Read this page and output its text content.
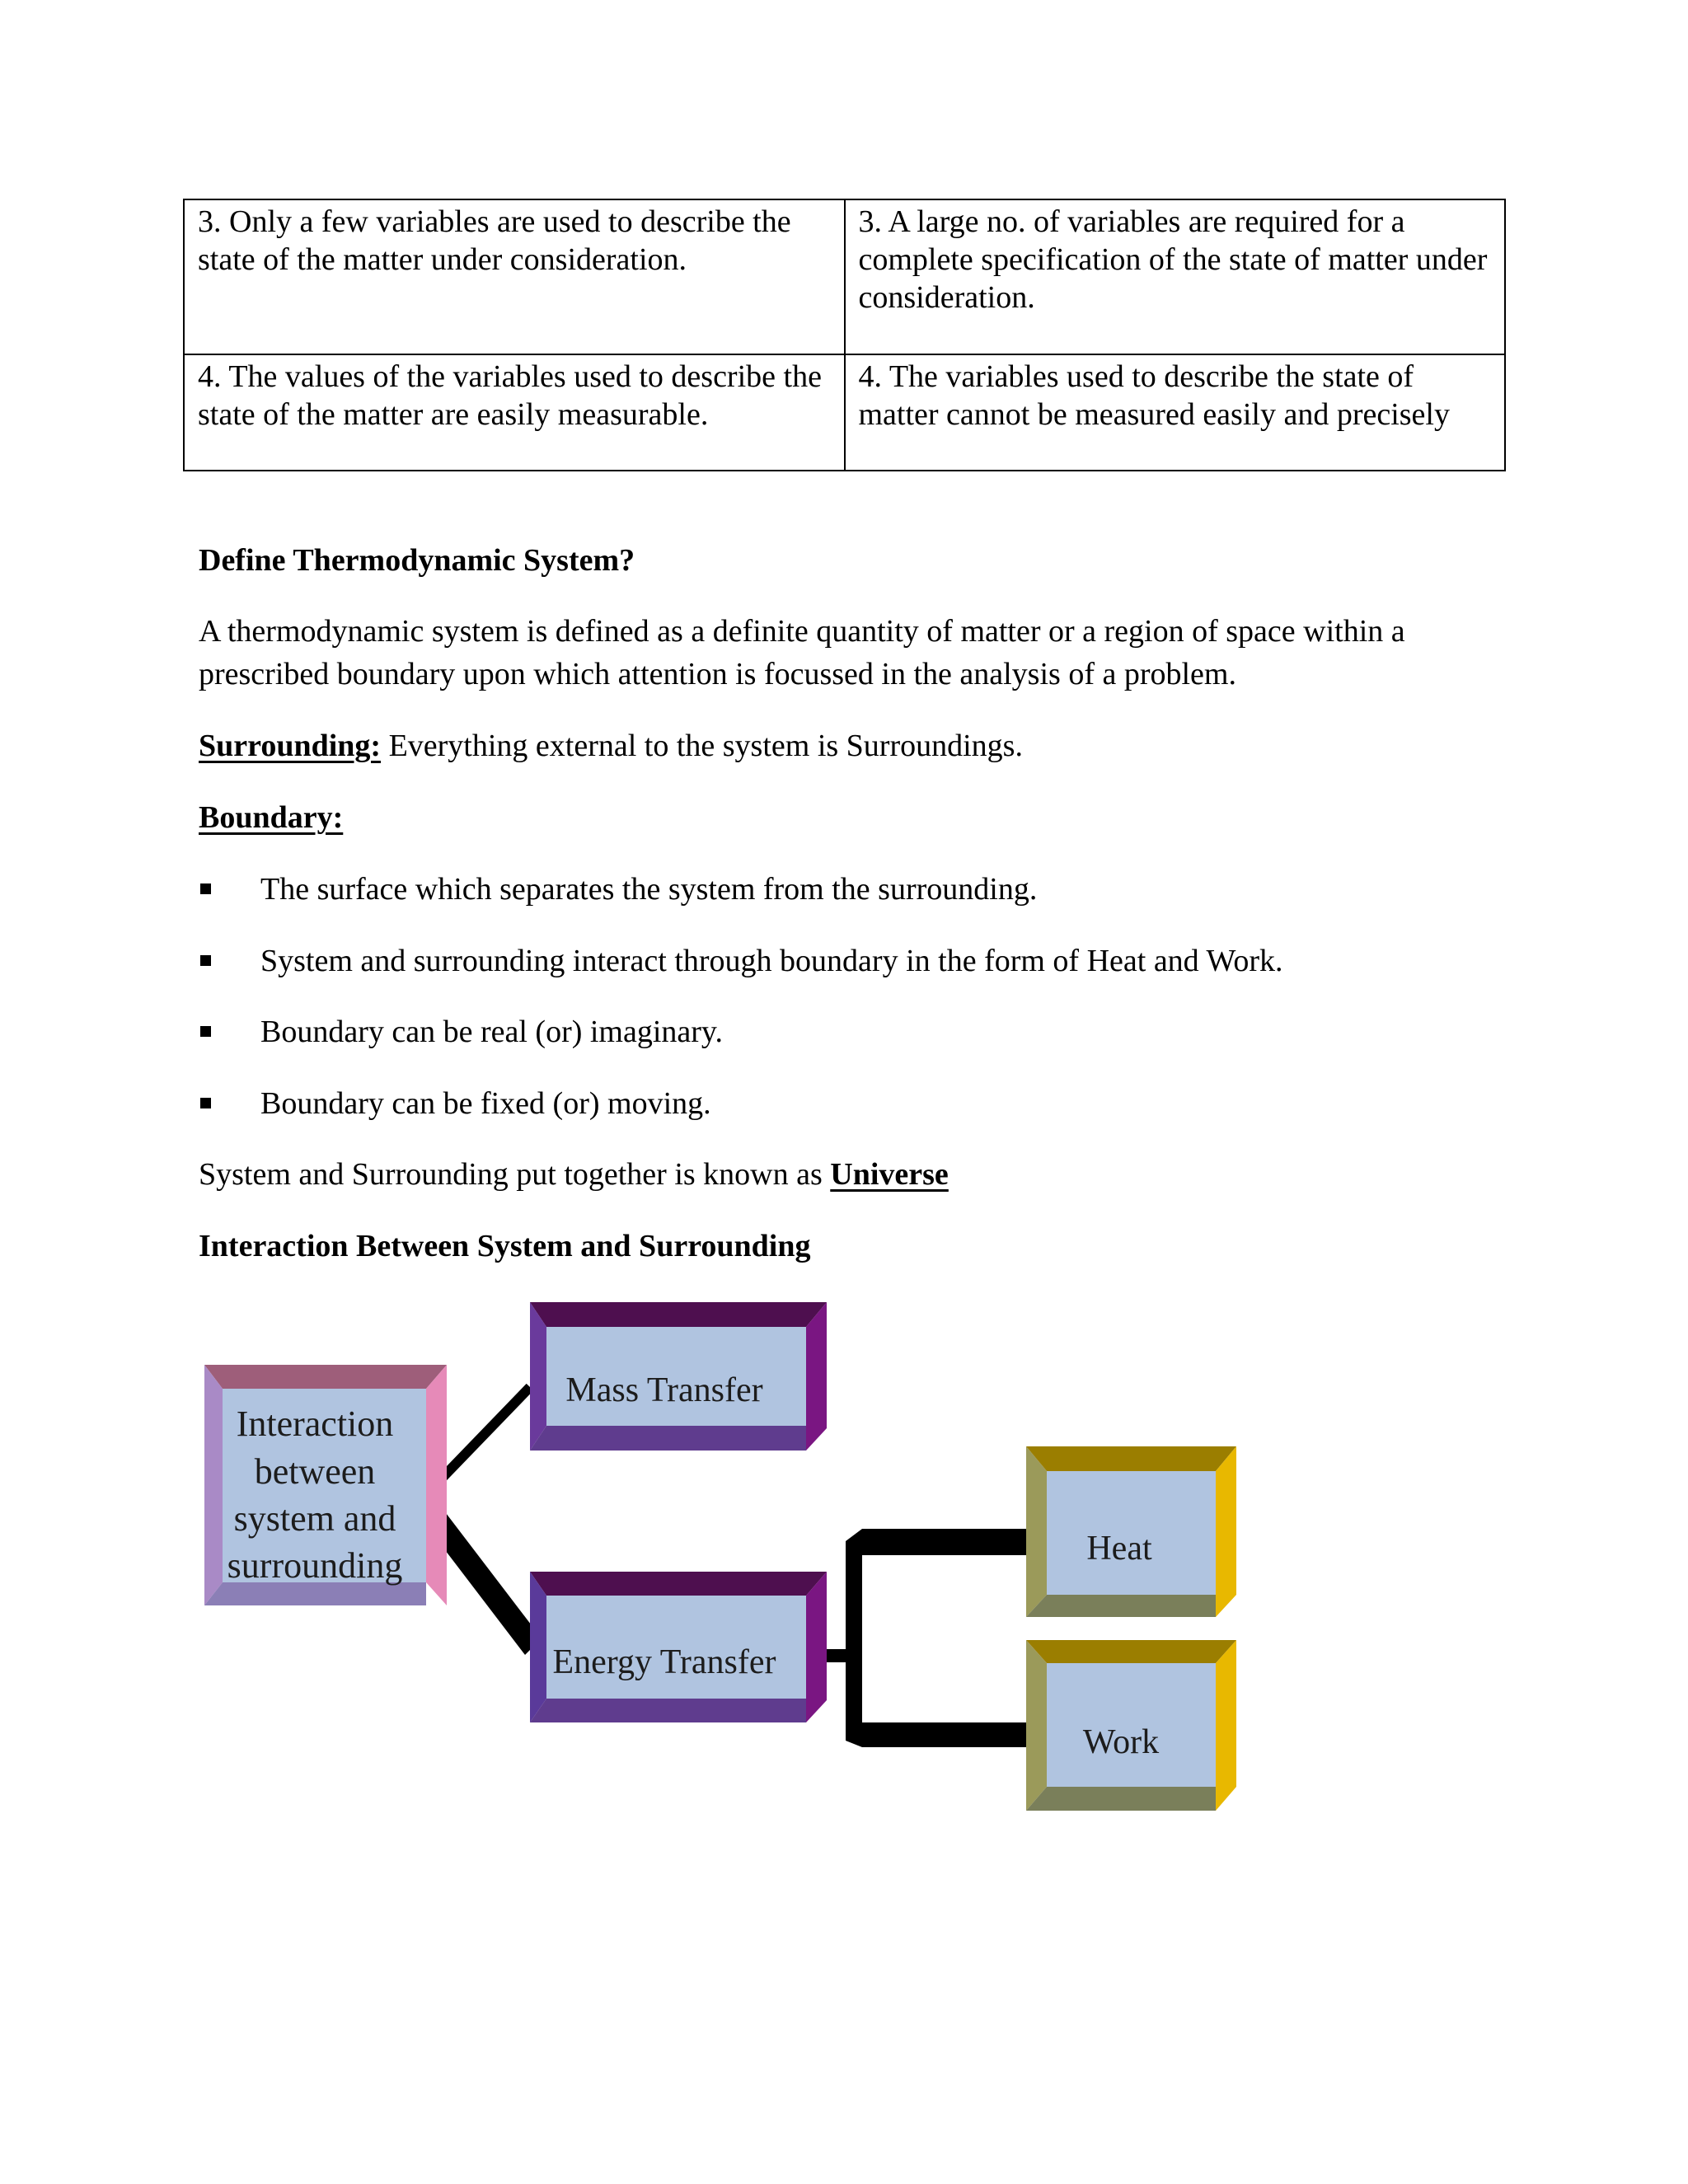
3. Only a few variables are used to describe the state of the matter under consideration.	3. A large no. of variables are required for a complete specification of the state of matter under consideration.
4. The values of the variables used to describe the state of the matter are easily measurable.	4. The variables used to describe the state of matter cannot be measured easily and precisely
Define Thermodynamic System?
A thermodynamic system is defined as a definite quantity of matter or a region of space within a
prescribed boundary upon which attention is focussed in the analysis of a problem.
Surrounding: Everything external to the system is Surroundings.
Boundary:
The surface which separates the system from the surrounding.
System and surrounding interact through boundary in the form of Heat and Work.
Boundary can be real (or) imaginary.
Boundary can be fixed (or) moving.
System and Surrounding put together is known as Universe
Interaction Between System and Surrounding
Interaction
between
system and
surrounding
Mass Transfer
Energy Transfer
Heat
Work
